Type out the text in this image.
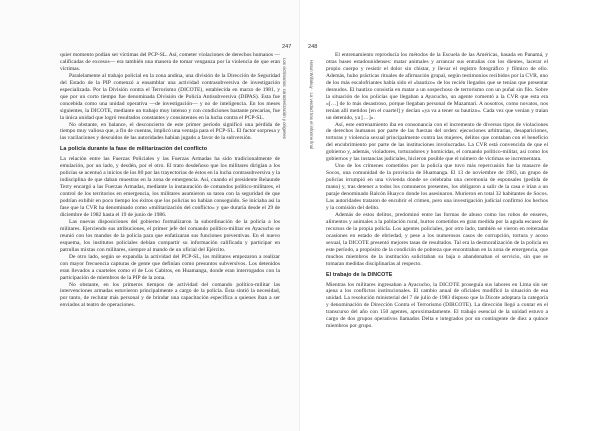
Los victimarios: caracterización y orígenes
247

quier momento podían ser víctimas del PCP-SL. Así, cometer violaciones de derechos humanos —calificadas de excesos— era también una manera de tomar venganza por la violencia de que eran víctimas.

Paralelamente al trabajo policial en la zona andina, una división de la Dirección de Seguridad del Estado de la PIP comenzó a ensamblar una actividad contrasubversiva de investigación especializada. Por la División contra el Terrorismo (DICOTE), establecida en marzo de 1981, y que por un corto tiempo fue denominada División de Policía Antisubversiva (DIPAS). Esta fue concebida como una unidad operativa —de investigación— y no de inteligencia. En los meses siguientes, la DICOTE, mediante un trabajo muy intenso y con condiciones bastante precarias, fue la única unidad que logró resultados constantes y consistentes en la lucha contra el PCP-SL.

No obstante, en balance, el desconcierto de este primer período significó una pérdida de tiempo muy valiosa que, a fin de cuentas, implicó una ventaja para el PCP-SL. El factor sorpresa y las vacilaciones y descuidos de las autoridades habían jugado a favor de la subversión.

La policía durante la fase de militarización del conflicto

La relación entre las Fuerzas Policiales y las Fuerzas Armadas ha sido tradicionalmente de emulación, por un lado, y desdén, por el otro. El trato desdeñoso que los militares dirigían a los policías se acentuó a inicios de los 80 por las trayectorias de éstos en la lucha contrasubversiva y la indisciplina de que daban muestras en la zona de emergencia. Así, cuando el presidente Belaunde Terry encargó a las Fuerzas Armadas, mediante la instauración de comandos político-militares, el control de los territorios en emergencia, los militares asumieron su tarea con la seguridad de que podrían exhibir en poco tiempo los éxitos que los policías no habían conseguido. Se iniciaba así la fase que la CVR ha denominado como «militarización del conflicto» y que duraría desde el 29 de diciembre de 1982 hasta el 19 de junio de 1986.

Las nuevas disposiciones del gobierno formalizaron la subordinación de la policía a los militares. Ejerciendo sus atribuciones, el primer jefe del comando político-militar en Ayacucho se reunió con los mandos de la policía para que enfatizaran sus funciones preventivas. En el nuevo esquema, los institutos policiales debían compartir su información calificada y participar en patrullas mixtas con militares, siempre al mando de un oficial del Ejército.

De otro lado, según se expandía la actividad del PCP-SL, los militares empezaron a realizar con mayor frecuencia capturas de gente que definían como presuntos subversivos. Los detenidos eran llevados a cuarteles como el de Los Cabitos, en Huamanga, donde eran interrogados con la participación de miembros de la PIP de la zona.

No obstante, en los primeros tiempos de actividad del comando político-militar las intervenciones armadas estuvieron principalmente a cargo de la policía. Ésta sintió la necesidad, por tanto, de reclutar más personal y de brindar una capacitación específica a quienes iban a ser enviados al teatro de operaciones.

248
Hatun Willakuy · La verdad tras el informe final

El entrenamiento reproducía los métodos de la Escuela de las Américas, basada en Panamá, y otras bases estadounidenses: matar animales y arrancar sus entrañas con los dientes, lacerar el propio cuerpo y resistir el dolor sin chistar, y llevar el registro fotográfico y fílmico de ello. Además, hubo prácticas rituales de afirmación grupal, según testimonios recibidos por la CVR, uno de los más escalofriantes había sido el «bautizo» de los recién llegados que se tenían que presentar desnudos. El bautizo consistía en matar a un sospechoso de terrorismo con un puñal sin filo. Sobre la situación de los policías que llegaban a Ayacucho, un agente comentó a la CVR que esta era «[…] de lo más desastroso, porque llegaban personal de Mazamari. A nosotros, como novatos, nos tenían allí metidos [en el cuartel] y decían «ya va a tener su bautizo». Cada vez que venían y traían un detenido, ya […]».

Así, este entrenamiento iba en consonancia con el incremento de diversos tipos de violaciones de derechos humanos por parte de las fuerzas del orden: ejecuciones arbitrarias, desapariciones, torturas y violencia sexual principalmente contra las mujeres, delitos que contaban con el beneficio del encubrimiento por parte de las instituciones involucradas. La CVR está convencida de que el gobierno y, además, violadores, torturadores y homicidas, el comando político-militar, así como los gobiernos y las instancias judiciales, hicieron posible que el número de víctimas se incrementara.

Uno de los crímenes cometidos por la policía que tuvo más repercusión fue la masacre de Socos, una comunidad de la provincia de Huamanga. El 13 de noviembre de 1983, un grupo de policías irrumpió en una vivienda donde se celebraba una ceremonia de esponsales (pedida de mano) y, tras detener a todos los comuneros presentes, los obligaron a salir de la casa e irían a un paraje denominado Balcón Huayco donde los asesinaron. Murieron en total 32 habitantes de Socos. Las autoridades trataron de encubrir el crimen, pero una investigación judicial confirmó los hechos y la comisión del delito.

Además de estos delitos, predominó entre las formas de abuso como los robos de enseres, alimentos y animales a la población rural, hurtos cometidos en gran medida por la aguda escasez de recursos de la propia policía. Los agentes policiales, por otro lado, también se vieron en reiteradas ocasiones en estado de ebriedad, y pese a los numerosos casos de corrupción, tortura y acoso sexual, la DICOTE presentó mejores tasas de resultados. Tal era la desmoralización de la policía en este período, a propósito de la condición de pobreza que encontraban en la zona de emergencia, que muchos miembros de la institución solicitaban su baja o abandonaban el servicio, sin que se tomaran medidas disciplinarias al respecto.

El trabajo de la DINCOTE

Mientras los militares ingresaban a Ayacucho, la DICOTE proseguía sus labores en Lima sin ser ajena a los conflictos institucionales. El cambio anual de oficiales modificó la situación de esa unidad. La resolución ministerial del 7 de julio de 1983 dispuso que la Dicote adoptara la categoría y denominación de Dirección Contra el Terrorismo (DIRCOTE). La dirección llegó a contar en el transcurso del año con 150 agentes, aproximadamente. El trabajo esencial de la unidad estuvo a cargo de dos grupos operativos llamados Delta e integrados por un contingente de diez a quince miembros por grupo.
